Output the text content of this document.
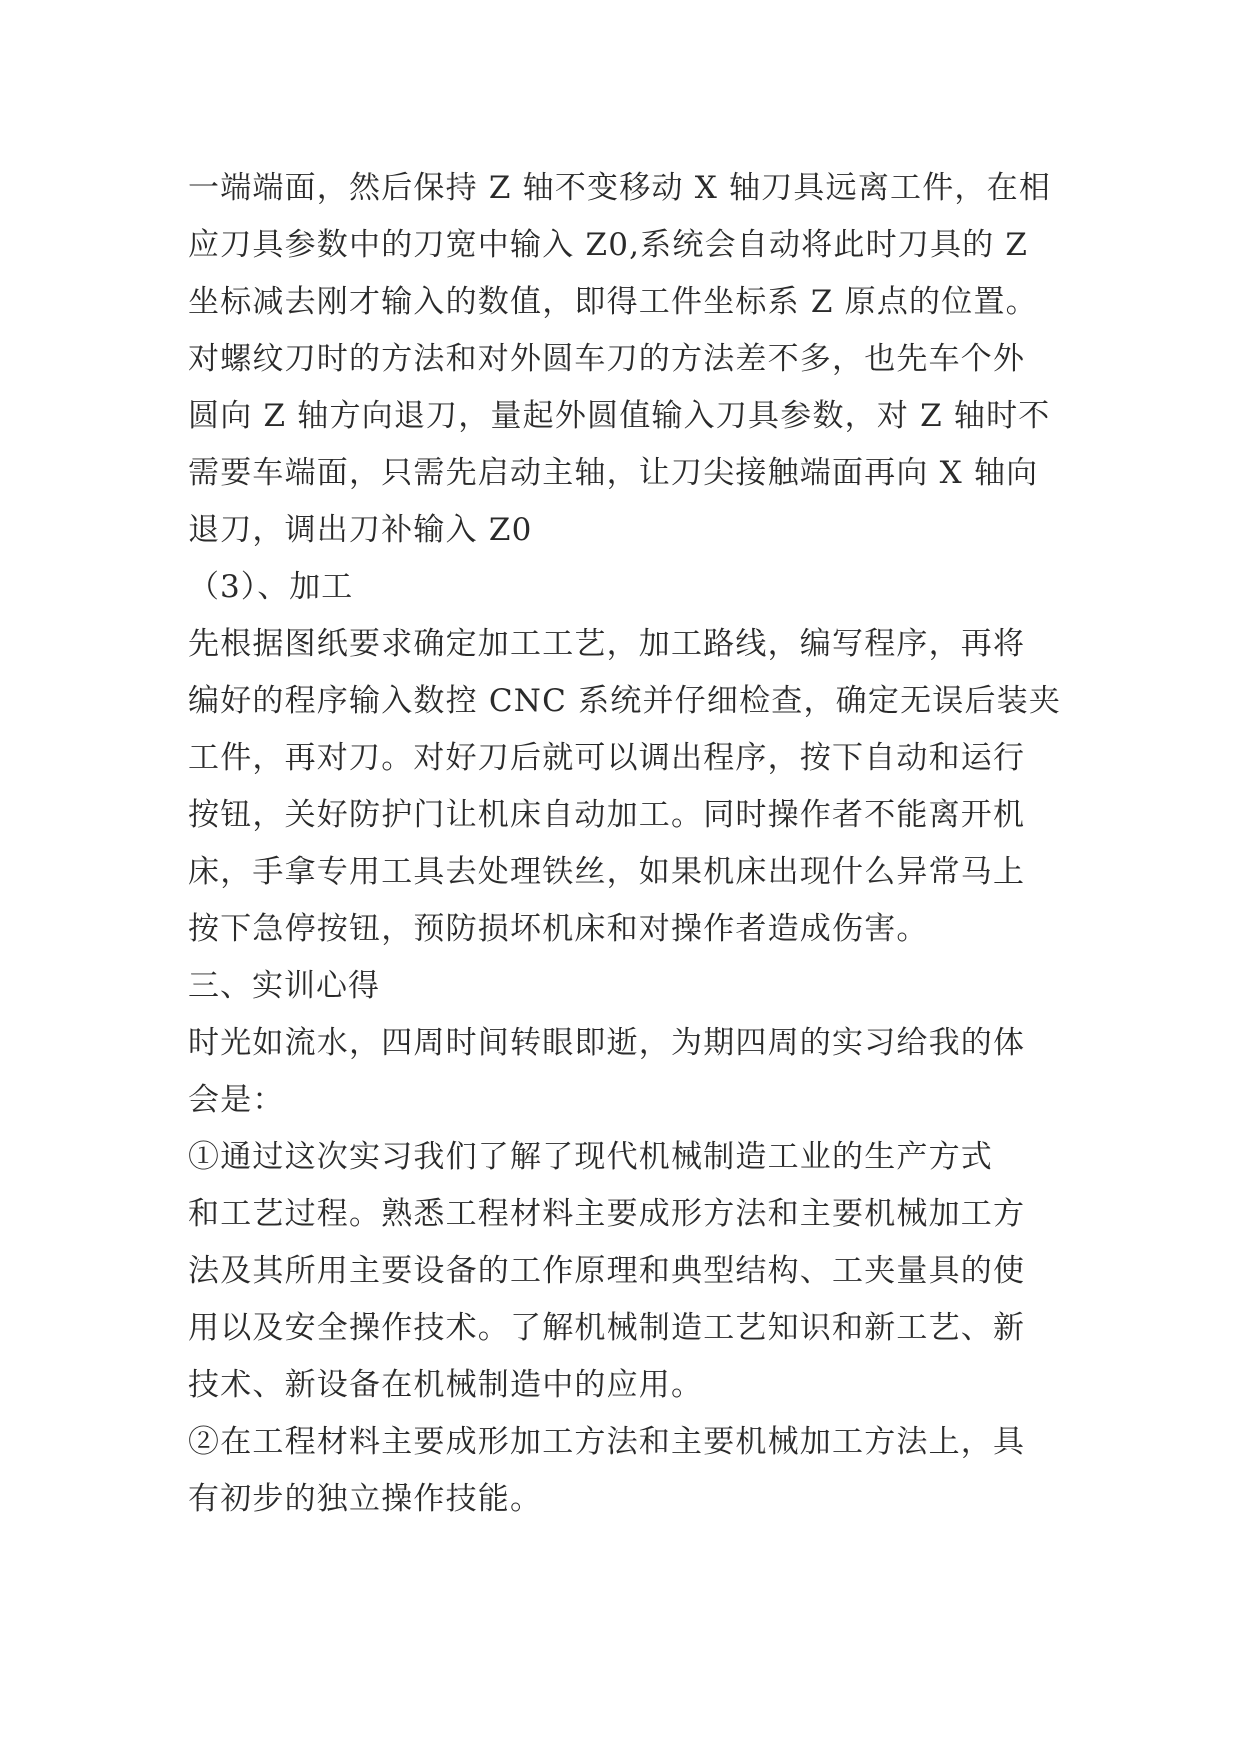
一端端面，然后保持 Z 轴不变移动 X 轴刀具远离工件，在相
应刀具参数中的刀宽中输入 Z0,系统会自动将此时刀具的 Z
坐标减去刚才输入的数值，即得工件坐标系 Z 原点的位置。
对螺纹刀时的方法和对外圆车刀的方法差不多，也先车个外
圆向 Z 轴方向退刀，量起外圆值输入刀具参数，对 Z 轴时不
需要车端面，只需先启动主轴，让刀尖接触端面再向 X 轴向
退刀，调出刀补输入 Z0
（3）、加工
先根据图纸要求确定加工工艺，加工路线，编写程序，再将
编好的程序输入数控 CNC 系统并仔细检查，确定无误后装夹
工件，再对刀。对好刀后就可以调出程序，按下自动和运行
按钮，关好防护门让机床自动加工。同时操作者不能离开机
床，手拿专用工具去处理铁丝，如果机床出现什么异常马上
按下急停按钮，预防损坏机床和对操作者造成伤害。
三、实训心得
时光如流水，四周时间转眼即逝，为期四周的实习给我的体
会是：
①通过这次实习我们了解了现代机械制造工业的生产方式
和工艺过程。熟悉工程材料主要成形方法和主要机械加工方
法及其所用主要设备的工作原理和典型结构、工夹量具的使
用以及安全操作技术。了解机械制造工艺知识和新工艺、新
技术、新设备在机械制造中的应用。
②在工程材料主要成形加工方法和主要机械加工方法上，具
有初步的独立操作技能。
